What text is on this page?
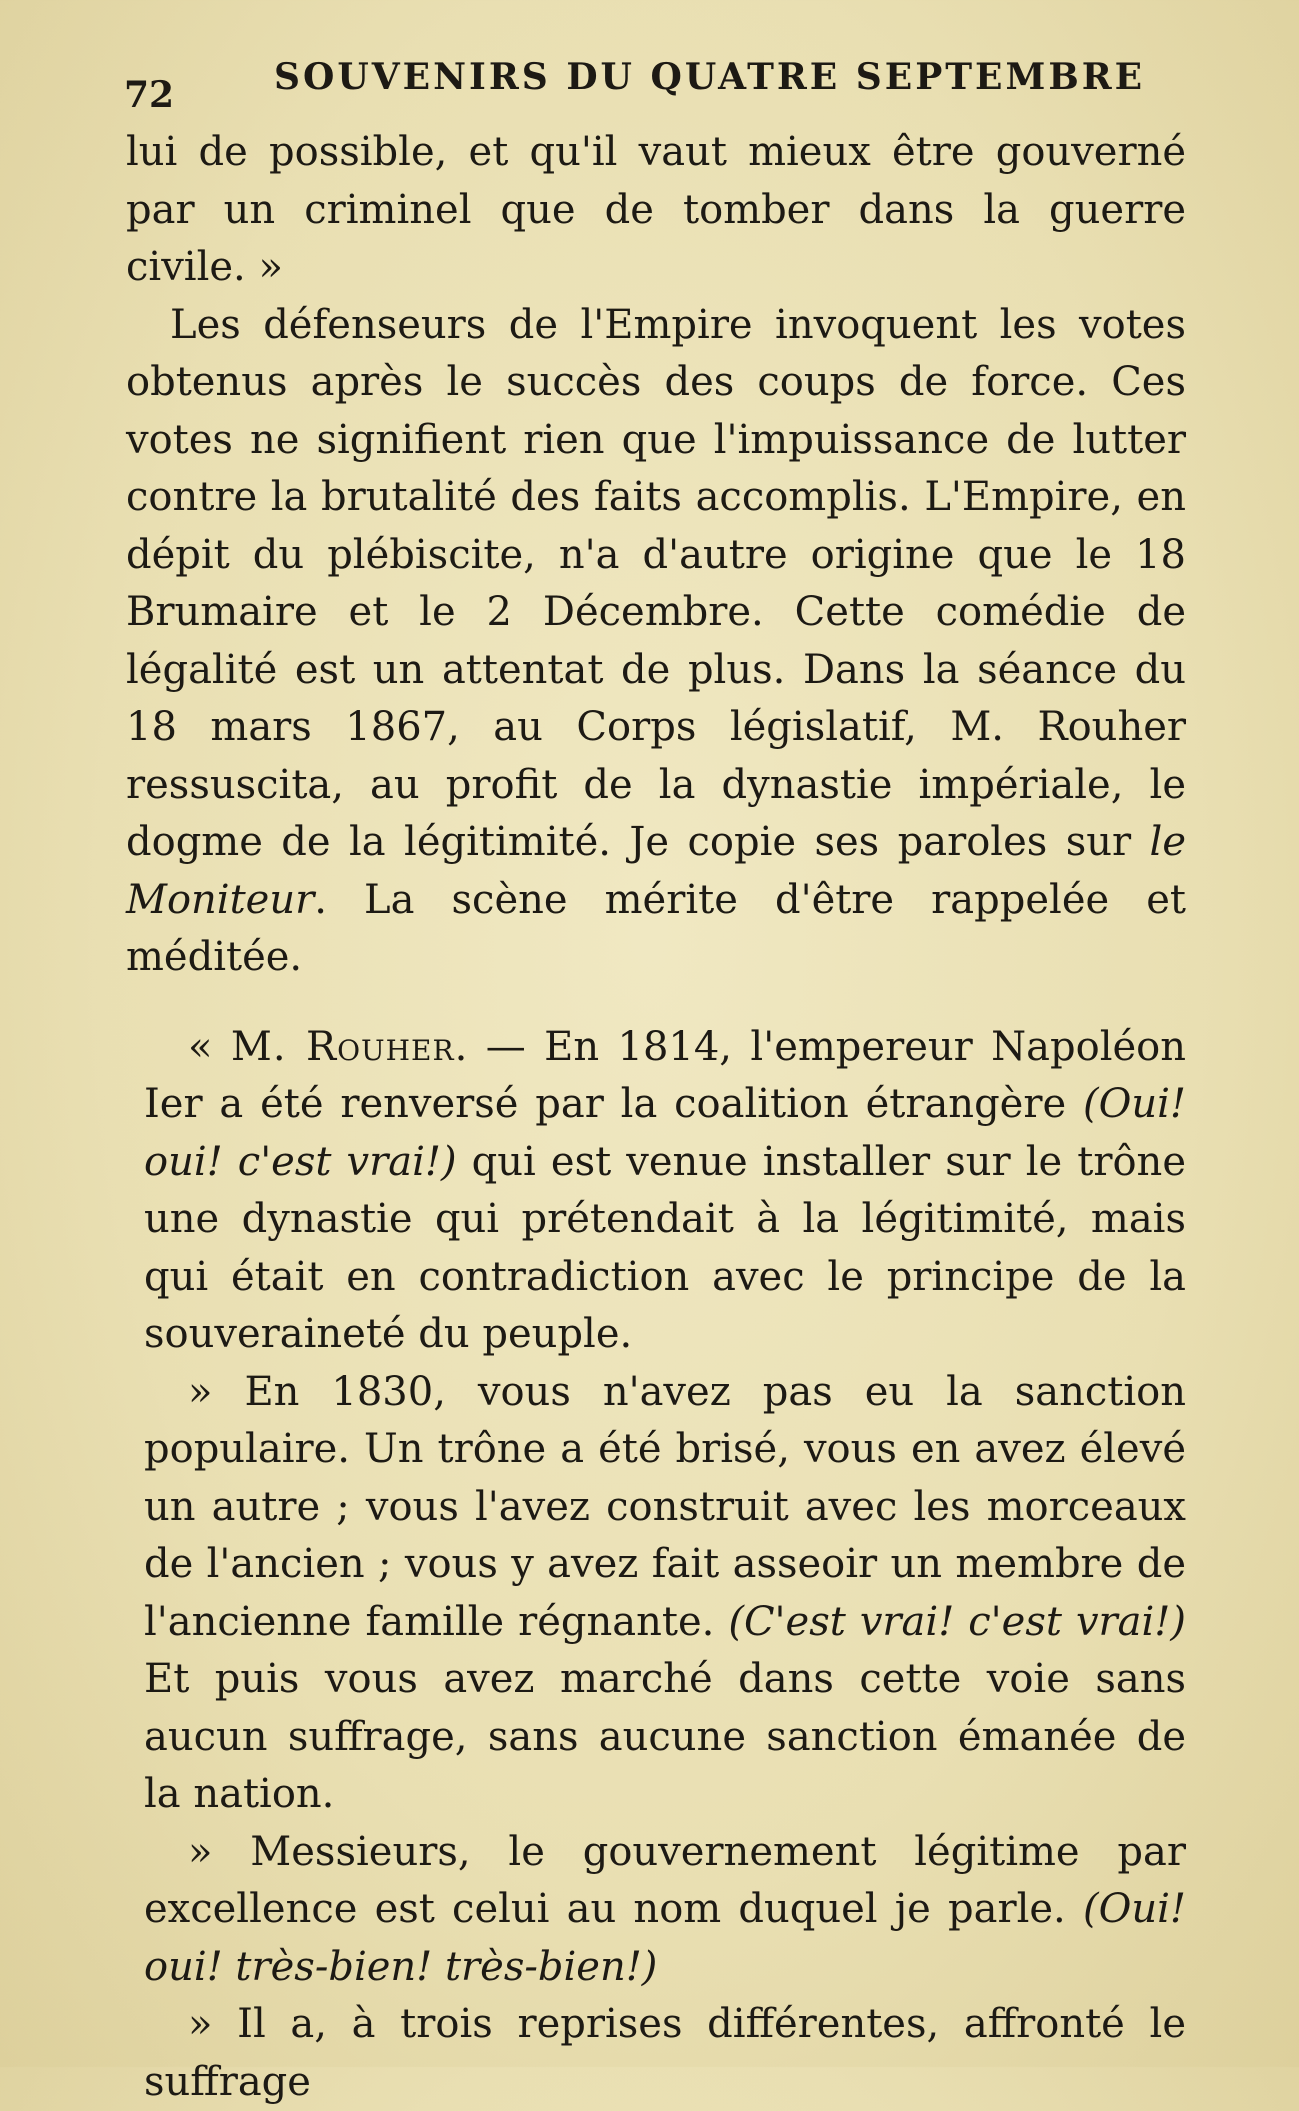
72	SOUVENIRS DU QUATRE SEPTEMBRE

lui de possible, et qu'il vaut mieux être gouverné par un criminel que de tomber dans la guerre civile. »

Les défenseurs de l'Empire invoquent les votes obtenus après le succès des coups de force. Ces votes ne signifient rien que l'impuissance de lutter contre la brutalité des faits accomplis. L'Empire, en dépit du plébiscite, n'a d'autre origine que le 18 Brumaire et le 2 Décembre. Cette comédie de légalité est un attentat de plus. Dans la séance du 18 mars 1867, au Corps législatif, M. Rouher ressuscita, au profit de la dynastie impériale, le dogme de la légitimité. Je copie ses paroles sur le Moniteur. La scène mérite d'être rappelée et méditée.

« M. Rouher. — En 1814, l'empereur Napoléon Ier a été renversé par la coalition étrangère (Oui! oui! c'est vrai!) qui est venue installer sur le trône une dynastie qui prétendait à la légitimité, mais qui était en contradiction avec le principe de la souveraineté du peuple.

» En 1830, vous n'avez pas eu la sanction populaire. Un trône a été brisé, vous en avez élevé un autre ; vous l'avez construit avec les morceaux de l'ancien ; vous y avez fait asseoir un membre de l'ancienne famille régnante. (C'est vrai! c'est vrai!) Et puis vous avez marché dans cette voie sans aucun suffrage, sans aucune sanction émanée de la nation.

» Messieurs, le gouvernement légitime par excellence est celui au nom duquel je parle. (Oui! oui! très-bien! très-bien!)

» Il a, à trois reprises différentes, affronté le suffrage
